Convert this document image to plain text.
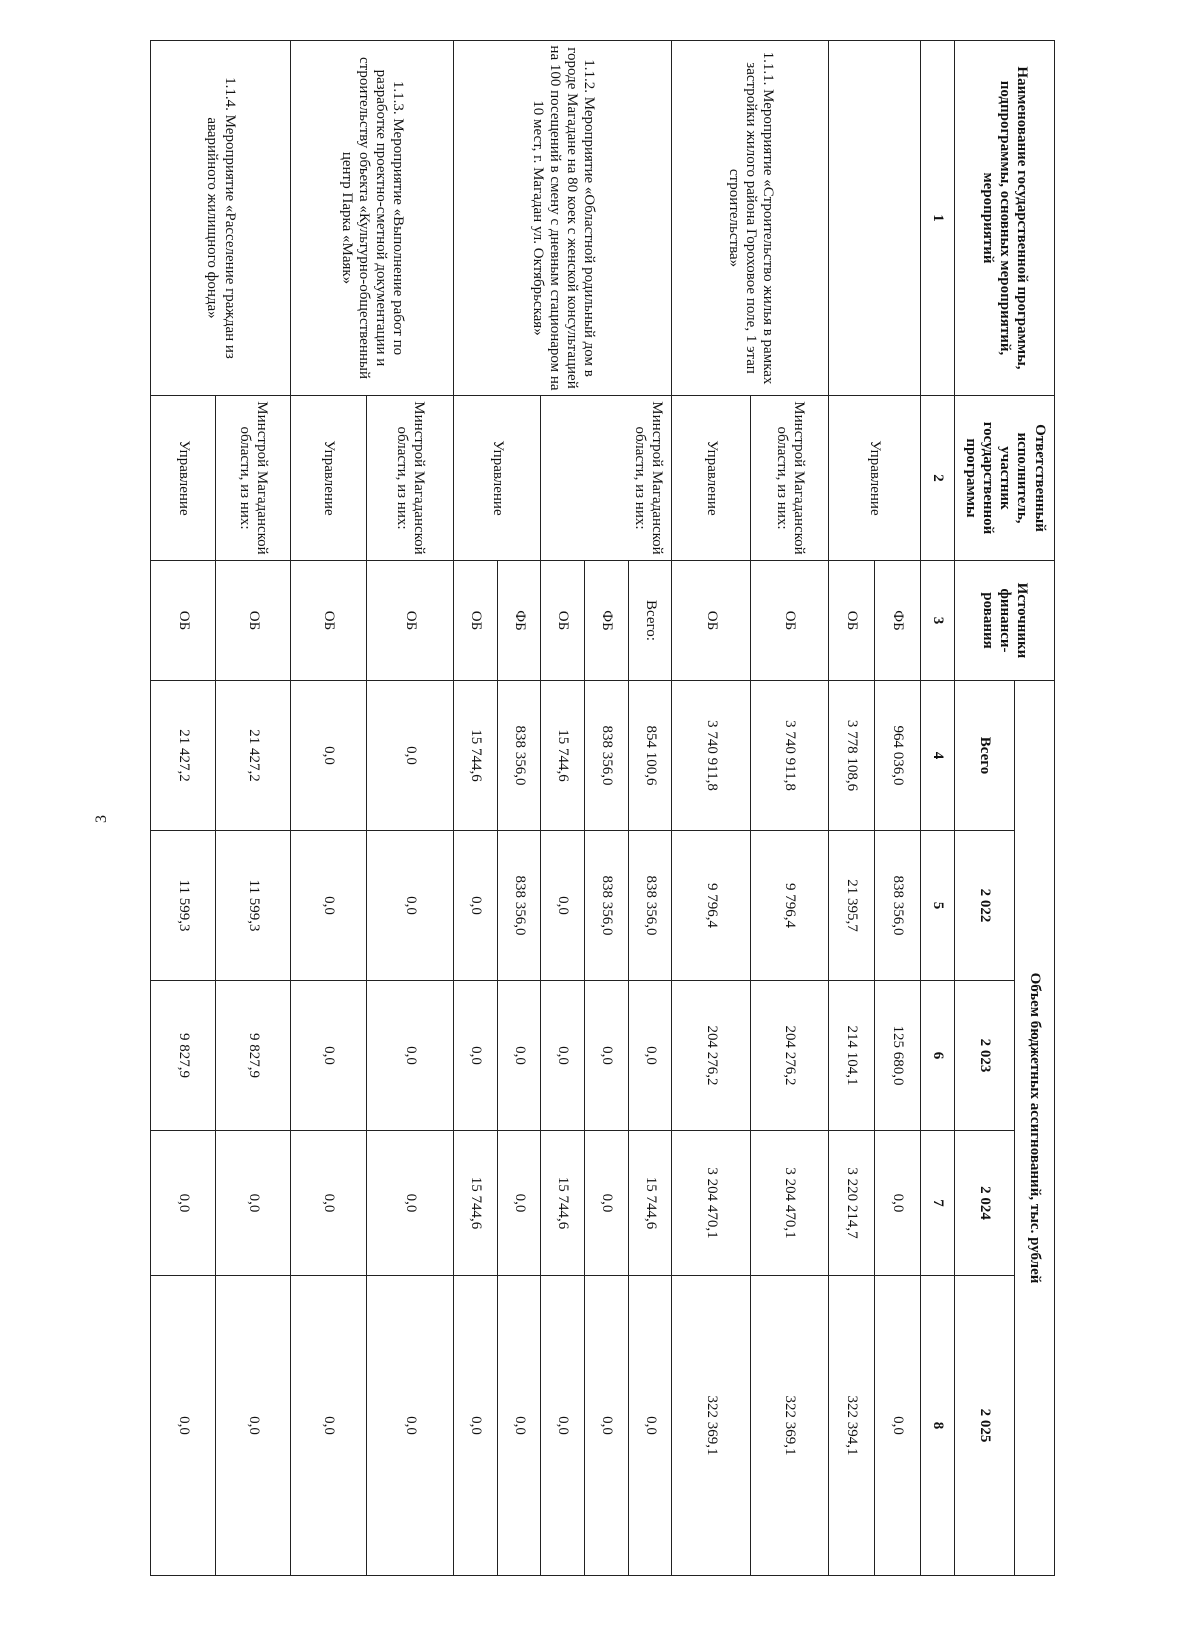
3
Наименование государственной программы, подпрограммы, основных мероприятий, мероприятий	Ответственный исполнитель, участник государственной программы	Источники финанси-рования	Объем бюджетных ассигнований, тыс. рублей				
			Всего	2 022	2 023	2 024	2 025
1	2	3	4	5	6	7	8
	Управление	ФБ	964 036,0	838 356,0	125 680,0	0,0	0,0
		ОБ	3 778 108,6	21 395,7	214 104,1	3 220 214,7	322 394,1
1.1.1. Мероприятие «Строительство жилья в рамках застройки жилого района Гороховое поле, 1 этап строительства»	Минстрой Магаданской области, из них:	ОБ	3 740 911,8	9 796,4	204 276,2	3 204 470,1	322 369,1
	Управление	ОБ	3 740 911,8	9 796,4	204 276,2	3 204 470,1	322 369,1
1.1.2. Мероприятие «Областной родильный дом в городе Магадане на 80 коек с женской консультацией на 100 посещений в смену с дневным стационаром на 10 мест, г. Магадан ул. Октябрьская»	Минстрой Магаданской области, из них:	Всего:	854 100,6	838 356,0	0,0	15 744,6	0,0
		ФБ	838 356,0	838 356,0	0,0	0,0	0,0
		ОБ	15 744,6	0,0	0,0	15 744,6	0,0
	Управление	ФБ	838 356,0	838 356,0	0,0	0,0	0,0
		ОБ	15 744,6	0,0	0,0	15 744,6	0,0
1.1.3. Мероприятие «Выполнение работ по разработке проектно-сметной документации и строительству объекта «Культурно-общественный центр Парка «Маяк»	Минстрой Магаданской области, из них:	ОБ	0,0	0,0	0,0	0,0	0,0
	Управление	ОБ	0,0	0,0	0,0	0,0	0,0
1.1.4. Мероприятие «Расселение граждан из аварийного жилищного фонда»	Минстрой Магаданской области, из них:	ОБ	21 427,2	11 599,3	9 827,9	0,0	0,0
	Управление	ОБ	21 427,2	11 599,3	9 827,9	0,0	0,0
